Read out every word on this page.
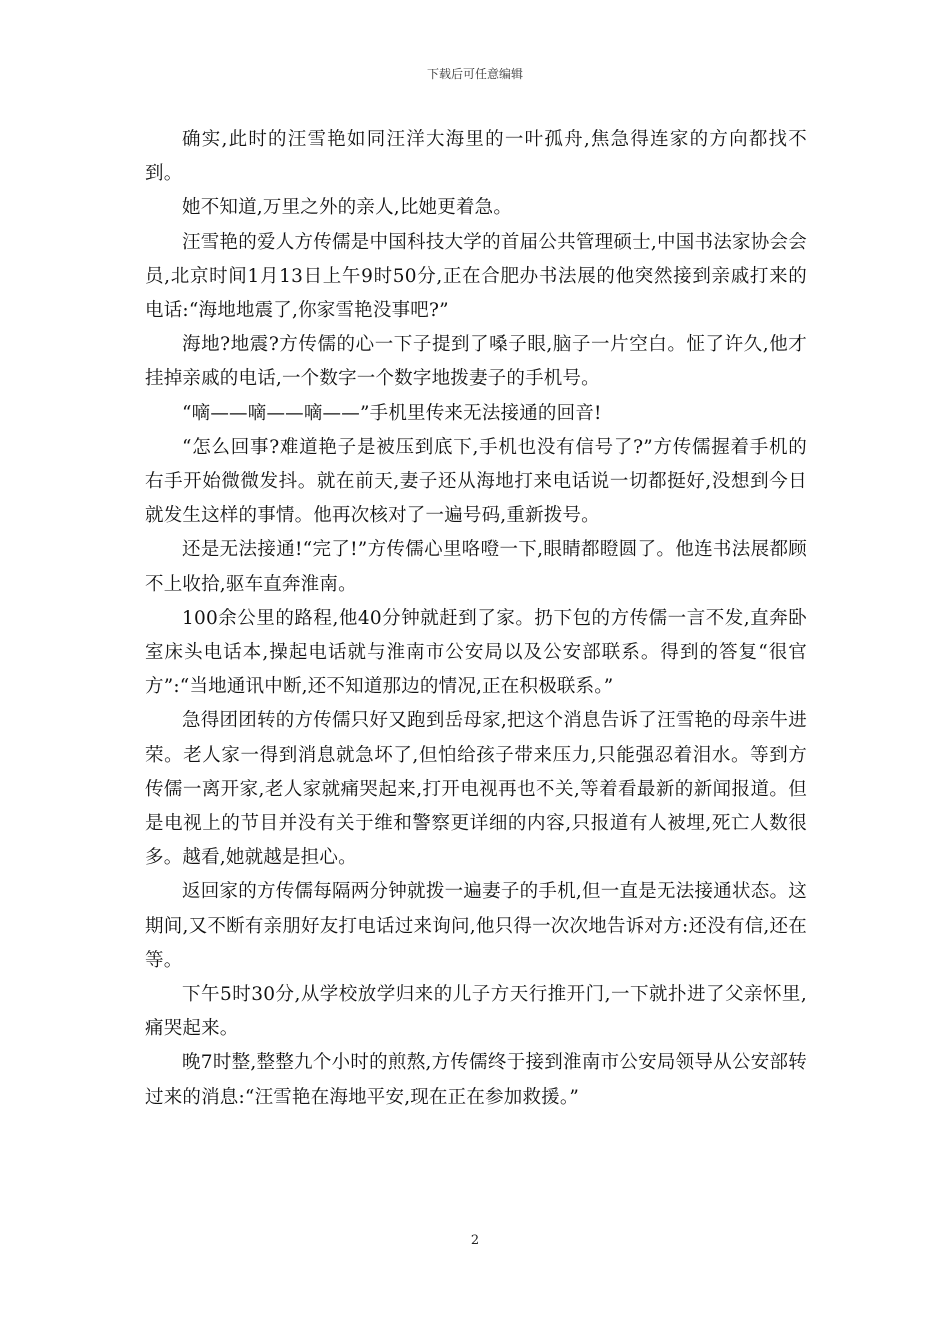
下载后可任意编辑

确实,此时的汪雪艳如同汪洋大海里的一叶孤舟,焦急得连家的方向都找不到。

她不知道,万里之外的亲人,比她更着急。

汪雪艳的爱人方传儒是中国科技大学的首届公共管理硕士,中国书法家协会会员,北京时间1月13日上午9时50分,正在合肥办书法展的他突然接到亲戚打来的电话:“海地地震了,你家雪艳没事吧?”

海地?地震?方传儒的心一下子提到了嗓子眼,脑子一片空白。怔了许久,他才挂掉亲戚的电话,一个数字一个数字地拨妻子的手机号。

“嘀——嘀——嘀——”手机里传来无法接通的回音!

“怎么回事?难道艳子是被压到底下,手机也没有信号了?”方传儒握着手机的右手开始微微发抖。就在前天,妻子还从海地打来电话说一切都挺好,没想到今日就发生这样的事情。他再次核对了一遍号码,重新拨号。

还是无法接通!“完了!”方传儒心里咯噔一下,眼睛都瞪圆了。他连书法展都顾不上收拾,驱车直奔淮南。

100余公里的路程,他40分钟就赶到了家。扔下包的方传儒一言不发,直奔卧室床头电话本,操起电话就与淮南市公安局以及公安部联系。得到的答复“很官方”:“当地通讯中断,还不知道那边的情况,正在积极联系。”

急得团团转的方传儒只好又跑到岳母家,把这个消息告诉了汪雪艳的母亲牛进荣。老人家一得到消息就急坏了,但怕给孩子带来压力,只能强忍着泪水。等到方传儒一离开家,老人家就痛哭起来,打开电视再也不关,等着看最新的新闻报道。但是电视上的节目并没有关于维和警察更详细的内容,只报道有人被埋,死亡人数很多。越看,她就越是担心。

返回家的方传儒每隔两分钟就拨一遍妻子的手机,但一直是无法接通状态。这期间,又不断有亲朋好友打电话过来询问,他只得一次次地告诉对方:还没有信,还在等。

下午5时30分,从学校放学归来的儿子方天行推开门,一下就扑进了父亲怀里,痛哭起来。

晚7时整,整整九个小时的煎熬,方传儒终于接到淮南市公安局领导从公安部转过来的消息:“汪雪艳在海地平安,现在正在参加救援。”

2
